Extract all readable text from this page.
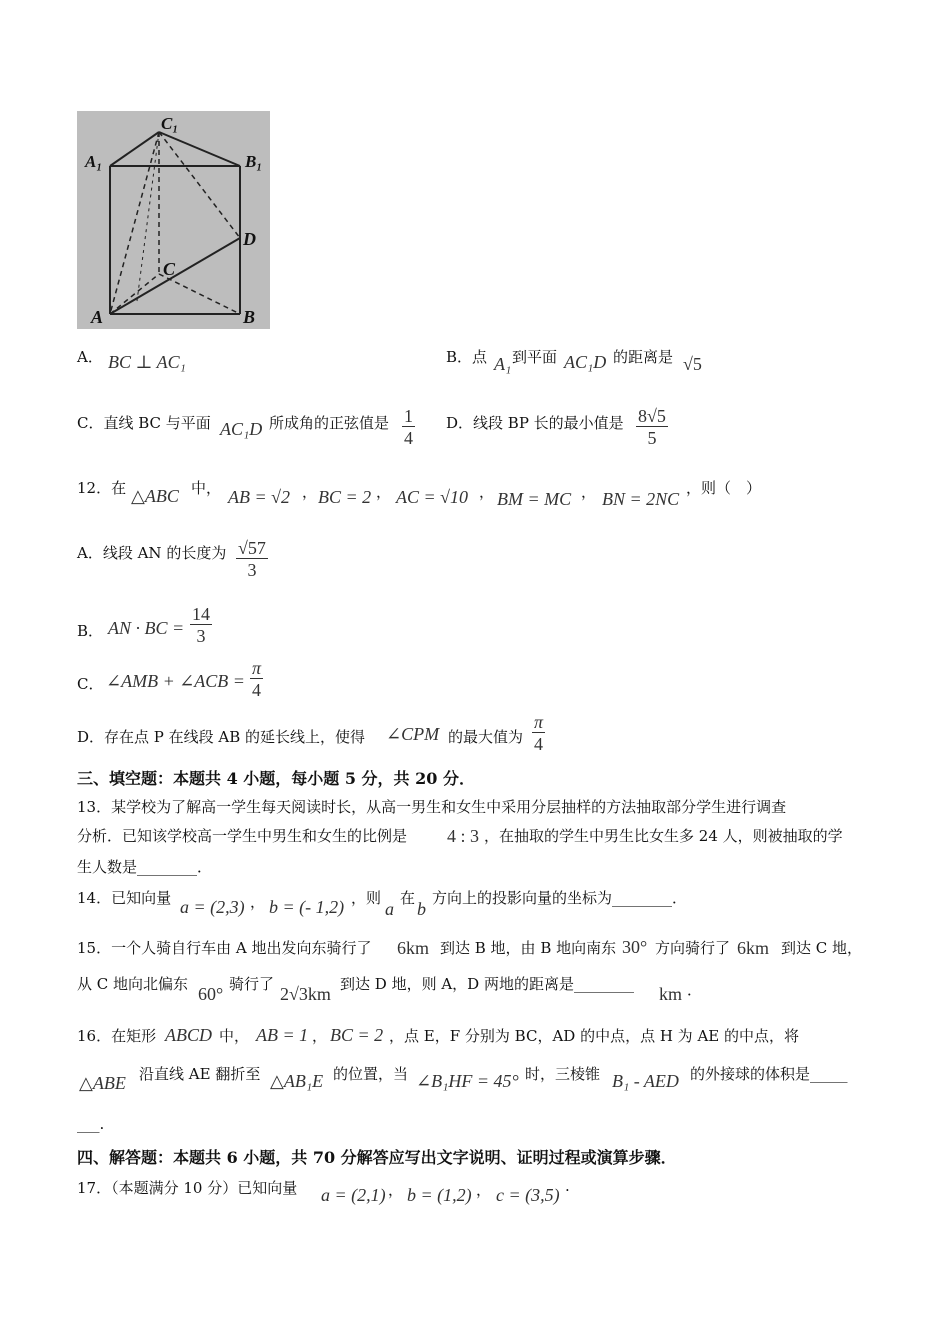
C₁
A₁	B₁
D
C
A	B
A． BC ⊥ AC₁	B．点 A₁ 到平面 AC₁D 的距离是 √5
C．直线 BC 与平面 AC₁D 所成角的正弦值是 $\frac{1}{4}$ D．线段 BP 长的最小值是 $\frac{8√5}{5}$
12．在 △ABC 中， AB = √2 ， BC = 2 ， AC = √10 ， BM = MC ， BN = 2NC
，则（　）
A．线段 AN 的长度为 $\frac{√57}{3}$
B． AN · BC = $\frac{14}{3}$
C． ∠AMB + ∠ACB = $\frac{\pi}{4}$
D．存在点 P 在线段 AB 的延长线上，使得 ∠CPM 的最大值为 $\frac{\pi}{4}$
三、填空题：本题共 4 小题，每小题 5 分，共 20 分．
13．某学校为了解高一学生每天阅读时长，从高一男生和女生中采用分层抽样的方法抽取部分学生进行调查
分析．已知该学校高一学生中男生和女生的比例是 4 : 3 ，在抽取的学生中男生比女生多 24 人，则被抽取的学
生人数是________．
14．已知向量 a = (2,3) ， b = (- 1,2) ，则
a
在
b
方向上的投影向量的坐标为________．
15．一个人骑自行车由 A 地出发向东骑行了 6km 到达 B 地，由 B 地向南东 30° 方向骑行了 6km 到达 C 地，
从 C 地向北偏东 60° 骑行了 2√3km 到达 D 地，则 A，D 两地的距离是________ km ．
16．在矩形 ABCD 中， AB = 1 ， BC = 2 ，点 E，F 分别为 BC，AD 的中点，点 H 为 AE 的中点，将
△ABE 沿直线 AE 翻折至 △AB₁E 的位置，当 ∠B₁HF = 45° 时，三棱锥 B₁ - AED 的外接球的体积是_____
___.
四、解答题：本题共 6 小题，共 70 分解答应写出文字说明、证明过程或演算步骤．
17．（本题满分 10 分）已知向量 a = (2,1) ， b = (1,2) ， c = (3,5) .
